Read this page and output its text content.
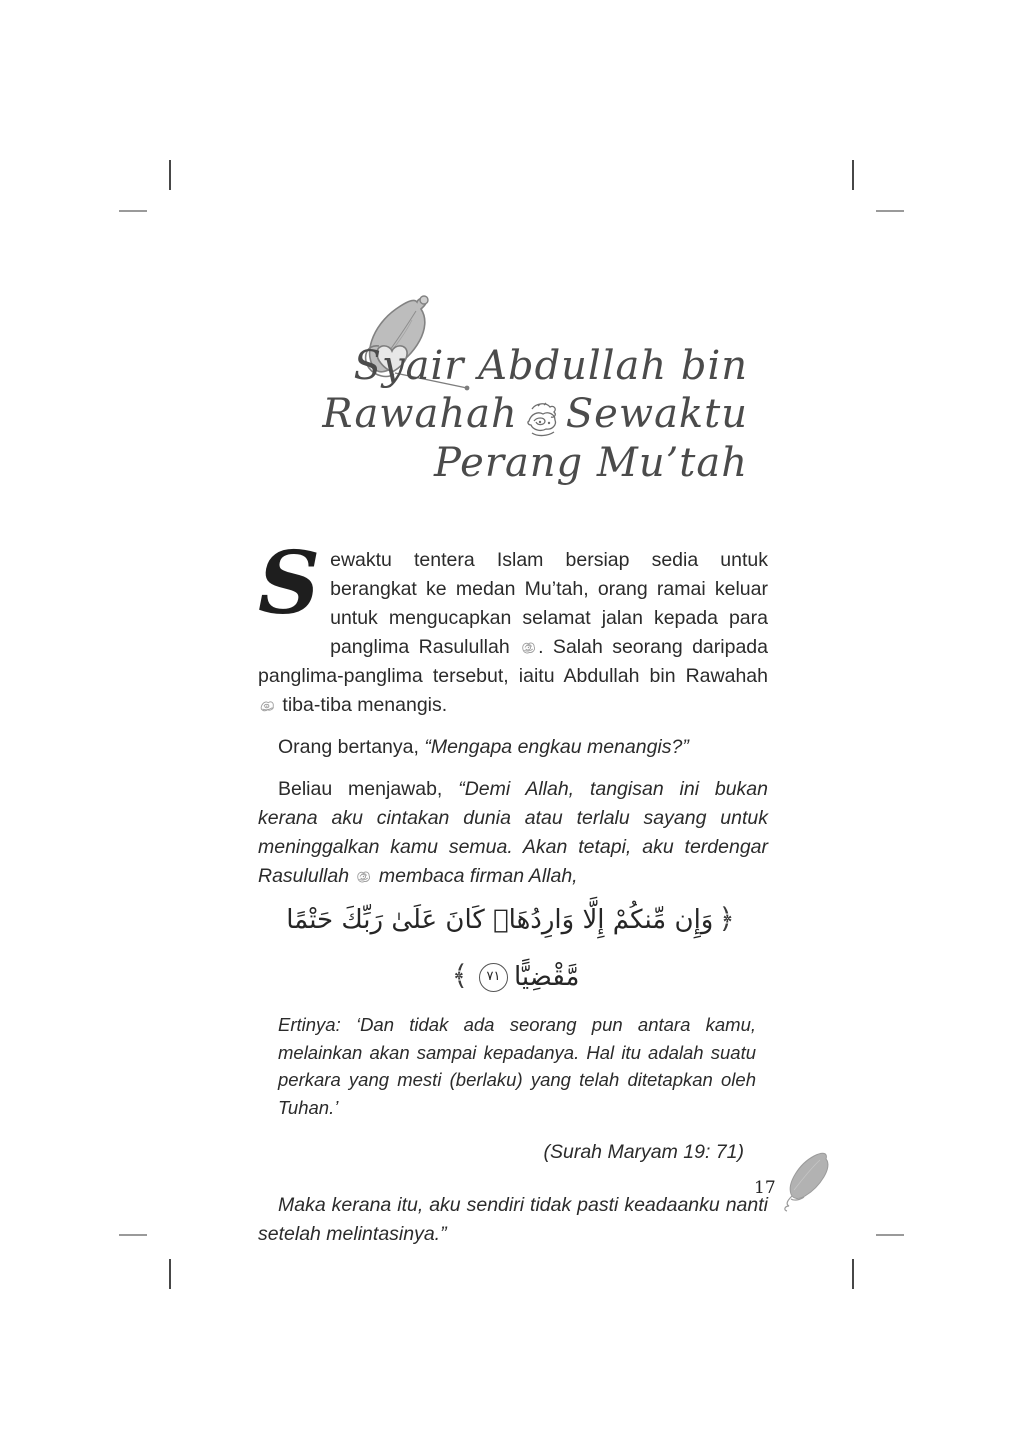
Syair Abdullah bin
Rawahah Sewaktu
Perang Mu’tah

Sewaktu tentera Islam bersiap sedia untuk berangkat ke medan Mu’tah, orang ramai keluar untuk mengucapkan selamat jalan kepada para panglima Rasulullah . Salah seorang daripada panglima-panglima tersebut, iaitu Abdullah bin Rawahah  tiba-tiba menangis.

Orang bertanya, “Mengapa engkau menangis?”

Beliau menjawab, “Demi Allah, tangisan ini bukan kerana aku cintakan dunia atau terlalu sayang untuk meninggalkan kamu semua. Akan tetapi, aku terdengar Rasulullah  membaca firman Allah,

﴿وَإِن مِّنكُمْ إِلَّا وَارِدُهَاۚ كَانَ عَلَىٰ رَبِّكَ حَتْمًا مَّقْضِيًّا٧١﴾

Ertinya: ‘Dan tidak ada seorang pun antara kamu, melainkan akan sampai kepadanya. Hal itu adalah suatu perkara yang mesti (berlaku) yang telah ditetapkan oleh Tuhan.’

(Surah Maryam 19: 71)

Maka kerana itu, aku sendiri tidak pasti keadaanku nanti setelah melintasinya.”

17
